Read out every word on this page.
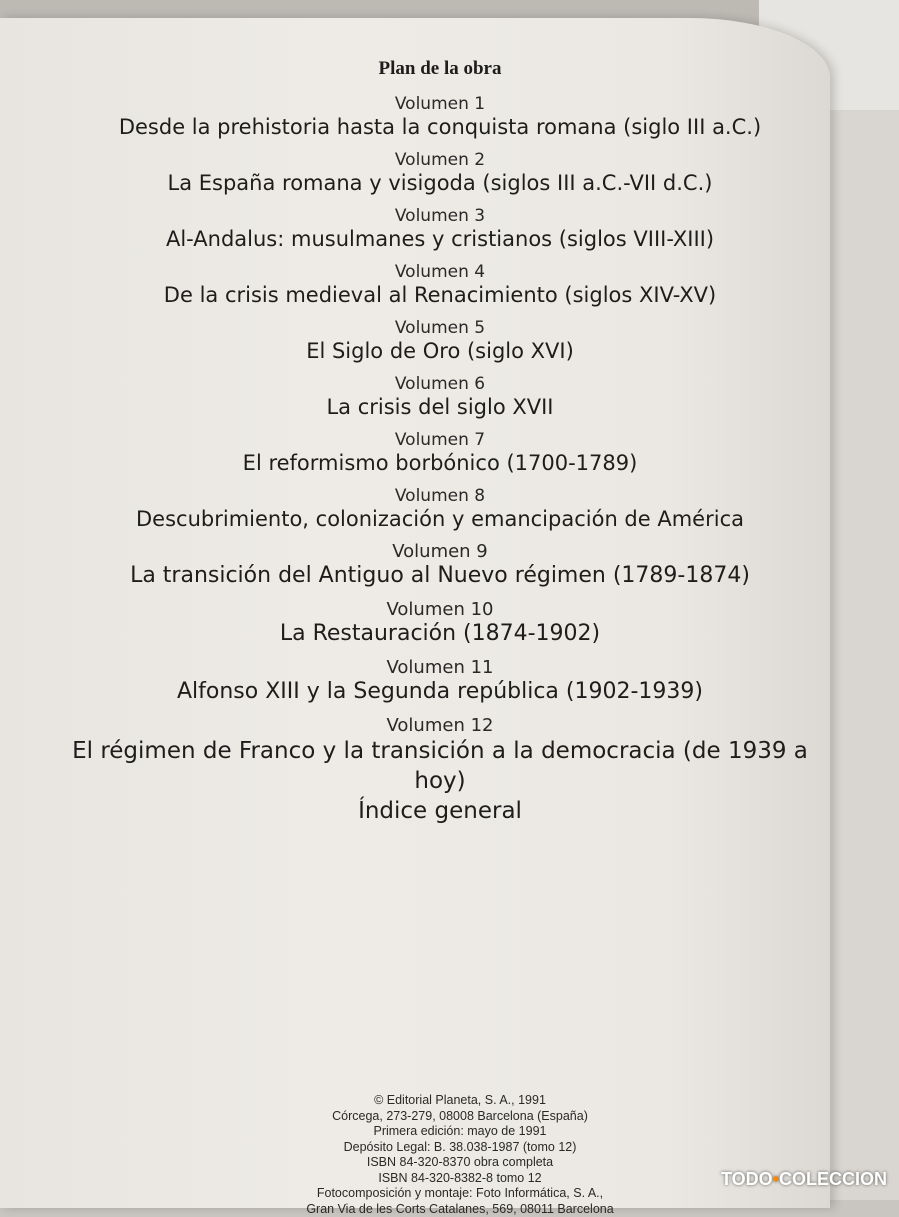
Plan de la obra
Volumen 1
Desde la prehistoria hasta la conquista romana (siglo III a.C.)
Volumen 2
La España romana y visigoda (siglos III a.C.-VII d.C.)
Volumen 3
Al-Andalus: musulmanes y cristianos (siglos VIII-XIII)
Volumen 4
De la crisis medieval al Renacimiento (siglos XIV-XV)
Volumen 5
El Siglo de Oro (siglo XVI)
Volumen 6
La crisis del siglo XVII
Volumen 7
El reformismo borbónico (1700-1789)
Volumen 8
Descubrimiento, colonización y emancipación de América
Volumen 9
La transición del Antiguo al Nuevo régimen (1789-1874)
Volumen 10
La Restauración (1874-1902)
Volumen 11
Alfonso XIII y la Segunda república (1902-1939)
Volumen 12
El régimen de Franco y la transición a la democracia (de 1939 a hoy)
Índice general
© Editorial Planeta, S. A., 1991
Córcega, 273-279, 08008 Barcelona (España)
Primera edición: mayo de 1991
Depósito Legal: B. 38.038-1987 (tomo 12)
ISBN 84-320-8370 obra completa
ISBN 84-320-8382-8 tomo 12
Fotocomposición y montaje: Foto Informática, S. A.,
Gran Via de les Corts Catalanes, 569, 08011 Barcelona
TODO•COLECCION
